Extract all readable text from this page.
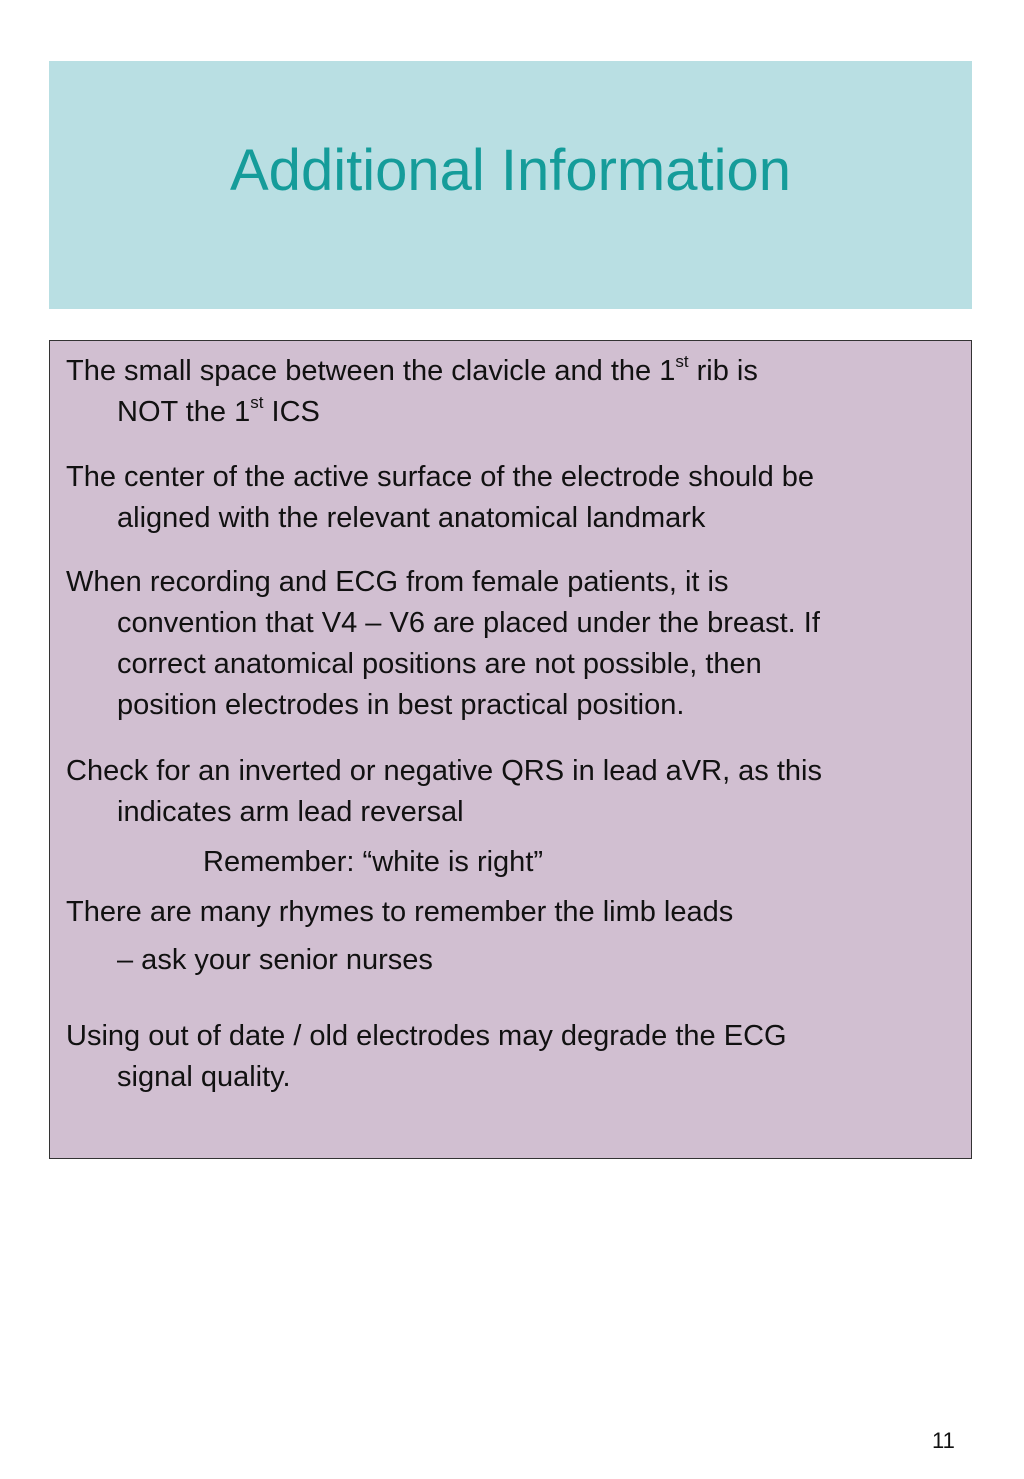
Additional Information
The small space between the clavicle and the 1st rib is
NOT the 1st ICS
The center of the active surface of the electrode should be
aligned with the relevant anatomical landmark
When recording and ECG from female patients, it is
convention that V4 – V6 are placed under the breast. If
correct anatomical positions are not possible, then
position electrodes in best practical position.
Check for an inverted or negative QRS in lead aVR, as this
indicates arm lead reversal
Remember: “white is right”
There are many rhymes to remember the limb leads
– ask your senior nurses
Using out of date / old electrodes may degrade the ECG
signal quality.
11
